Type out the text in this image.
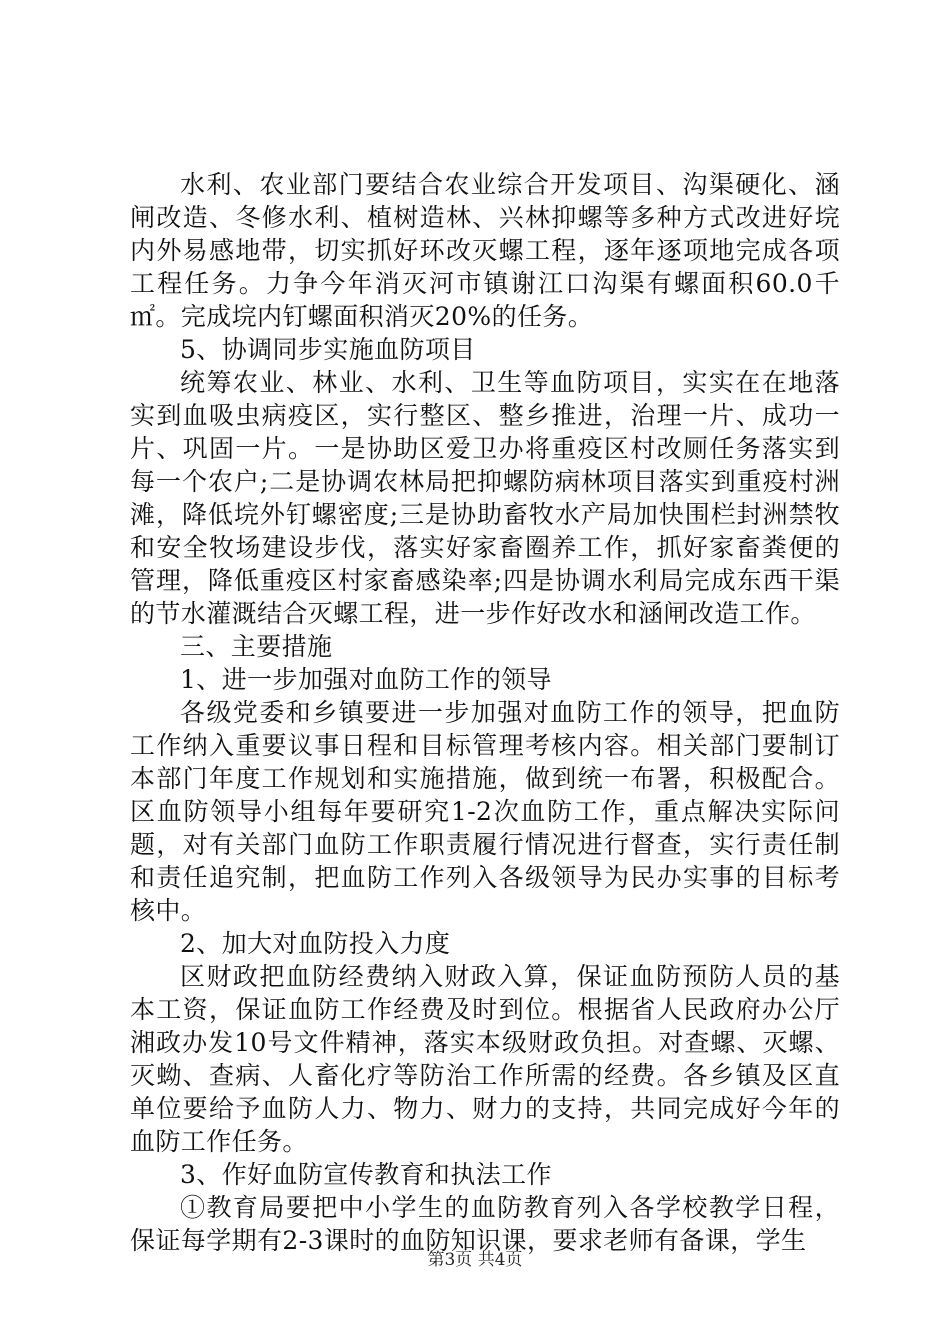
水利、农业部门要结合农业综合开发项目、沟渠硬化、涵闸改造、冬修水利、植树造林、兴林抑螺等多种方式改进好垸内外易感地带，切实抓好环改灭螺工程，逐年逐项地完成各项工程任务。力争今年消灭河市镇谢江口沟渠有螺面积60.0千㎡。完成垸内钉螺面积消灭20%的任务。

5、协调同步实施血防项目

统筹农业、林业、水利、卫生等血防项目，实实在在地落实到血吸虫病疫区，实行整区、整乡推进，治理一片、成功一片、巩固一片。一是协助区爱卫办将重疫区村改厕任务落实到每一个农户;二是协调农林局把抑螺防病林项目落实到重疫村洲滩，降低垸外钉螺密度;三是协助畜牧水产局加快围栏封洲禁牧和安全牧场建设步伐，落实好家畜圈养工作，抓好家畜粪便的管理，降低重疫区村家畜感染率;四是协调水利局完成东西干渠的节水灌溉结合灭螺工程，进一步作好改水和涵闸改造工作。

三、主要措施

1、进一步加强对血防工作的领导

各级党委和乡镇要进一步加强对血防工作的领导，把血防工作纳入重要议事日程和目标管理考核内容。相关部门要制订本部门年度工作规划和实施措施，做到统一布署，积极配合。区血防领导小组每年要研究1-2次血防工作，重点解决实际问题，对有关部门血防工作职责履行情况进行督查，实行责任制和责任追究制，把血防工作列入各级领导为民办实事的目标考核中。

2、加大对血防投入力度

区财政把血防经费纳入财政入算，保证血防预防人员的基本工资，保证血防工作经费及时到位。根据省人民政府办公厅湘政办发10号文件精神，落实本级财政负担。对查螺、灭螺、灭蚴、查病、人畜化疗等防治工作所需的经费。各乡镇及区直单位要给予血防人力、物力、财力的支持，共同完成好今年的血防工作任务。

3、作好血防宣传教育和执法工作

①教育局要把中小学生的血防教育列入各学校教学日程，保证每学期有2-3课时的血防知识课，要求老师有备课，学生

第3页 共4页
